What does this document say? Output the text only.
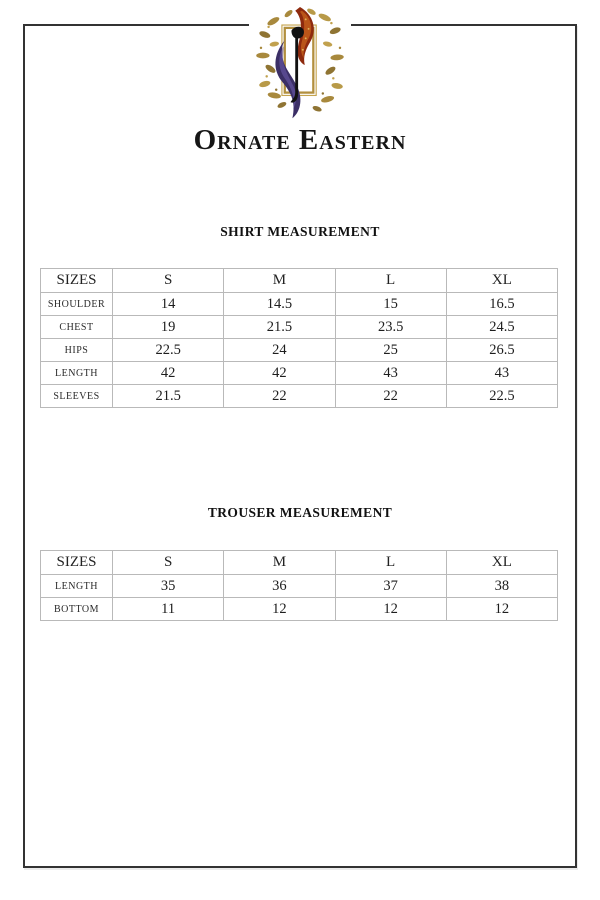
Ornate Eastern
SHIRT MEASUREMENT
SIZES	S	M	L	XL
SHOULDER	14	14.5	15	16.5
CHEST	19	21.5	23.5	24.5
HIPS	22.5	24	25	26.5
LENGTH	42	42	43	43
SLEEVES	21.5	22	22	22.5
TROUSER MEASUREMENT
SIZES	S	M	L	XL
LENGTH	35	36	37	38
BOTTOM	11	12	12	12
